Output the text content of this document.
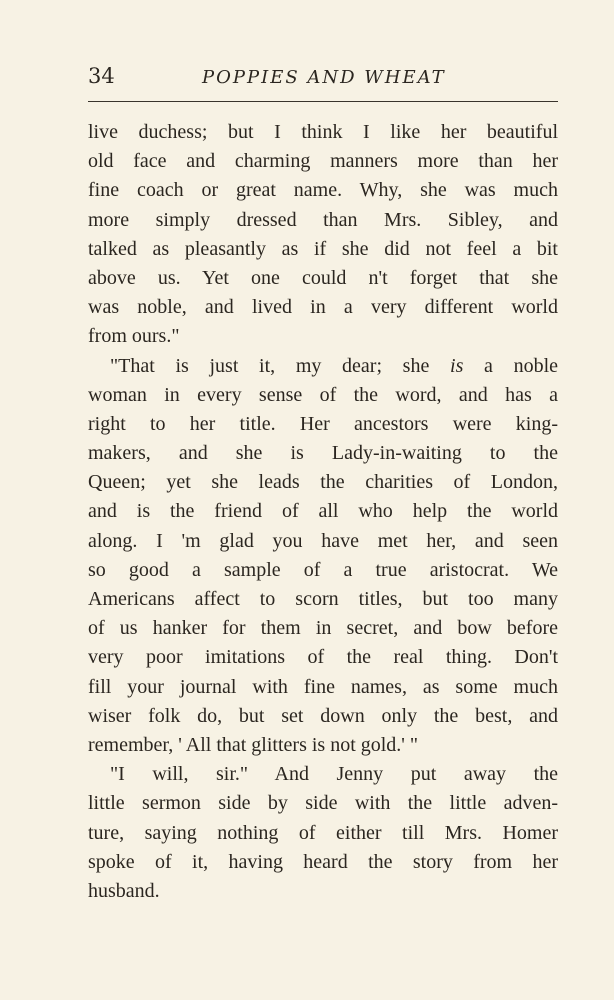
34	POPPIES AND WHEAT
live duchess; but I think I like her beautiful
old face and charming manners more than her
fine coach or great name. Why, she was much
more simply dressed than Mrs. Sibley, and
talked as pleasantly as if she did not feel a bit
above us. Yet one could n't forget that she
was noble, and lived in a very different world
from ours."
"That is just it, my dear; she is a noble
woman in every sense of the word, and has a
right to her title. Her ancestors were king-
makers, and she is Lady-in-waiting to the
Queen; yet she leads the charities of London,
and is the friend of all who help the world
along. I 'm glad you have met her, and seen
so good a sample of a true aristocrat. We
Americans affect to scorn titles, but too many
of us hanker for them in secret, and bow before
very poor imitations of the real thing. Don't
fill your journal with fine names, as some much
wiser folk do, but set down only the best, and
remember, ' All that glitters is not gold.' "
"I will, sir." And Jenny put away the
little sermon side by side with the little adven-
ture, saying nothing of either till Mrs. Homer
spoke of it, having heard the story from her
husband.
